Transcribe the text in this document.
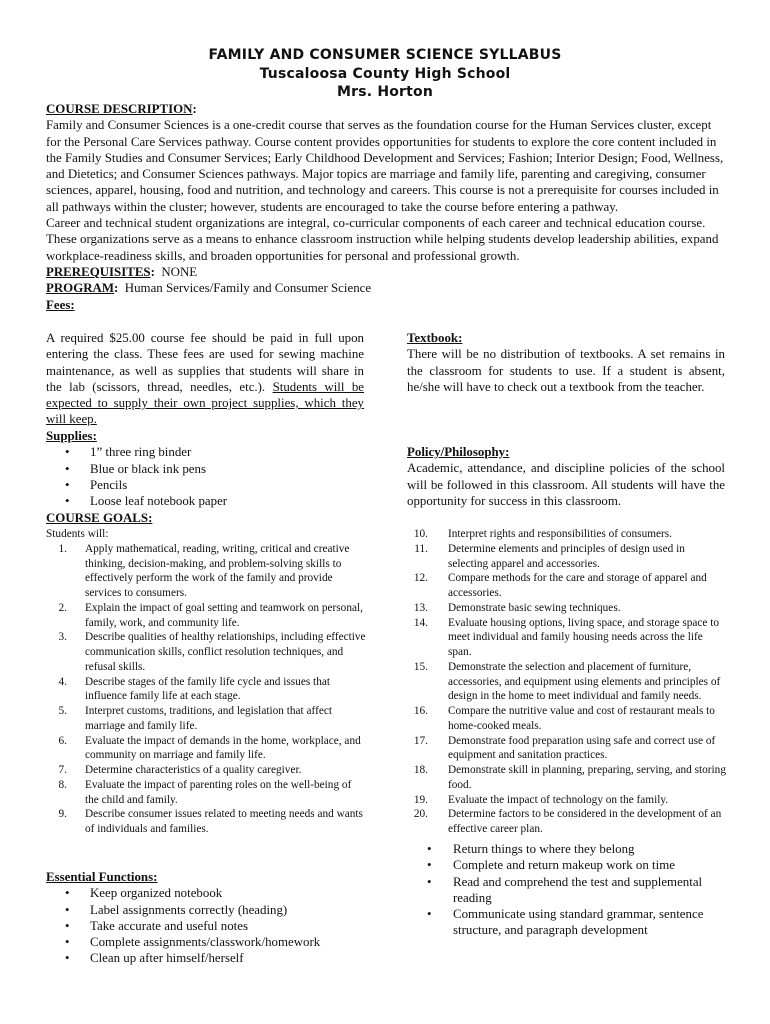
FAMILY AND CONSUMER SCIENCE SYLLABUS
Tuscaloosa County High School
Mrs. Horton

COURSE DESCRIPTION:

Family and Consumer Sciences is a one-credit course that serves as the foundation course for the Human Services cluster, except for the Personal Care Services pathway. Course content provides opportunities for students to explore the core content included in the Family Studies and Consumer Services; Early Childhood Development and Services; Fashion; Interior Design; Food, Wellness, and Dietetics; and Consumer Sciences pathways. Major topics are marriage and family life, parenting and caregiving, consumer sciences, apparel, housing, food and nutrition, and technology and careers. This course is not a prerequisite for courses included in all pathways within the cluster; however, students are encouraged to take the course before entering a pathway.

Career and technical student organizations are integral, co-curricular components of each career and technical education course. These organizations serve as a means to enhance classroom instruction while helping students develop leadership abilities, expand workplace-readiness skills, and broaden opportunities for personal and professional growth.

PREREQUISITES: NONE

PROGRAM: Human Services/Family and Consumer Science

Fees:

A required $25.00 course fee should be paid in full upon entering the class. These fees are used for sewing machine maintenance, as well as supplies that students will share in the lab (scissors, thread, needles, etc.). Students will be expected to supply their own project supplies, which they will keep.
Textbook:
There will be no distribution of textbooks. A set remains in the classroom for students to use. If a student is absent, he/she will have to check out a textbook from the teacher.
Supplies:
• 1” three ring binder
• Blue or black ink pens
• Pencils
• Loose leaf notebook paper
Policy/Philosophy:
Academic, attendance, and discipline policies of the school will be followed in this classroom. All students will have the opportunity for success in this classroom.
COURSE GOALS:
Students will:
1. Apply mathematical, reading, writing, critical and creative thinking, decision-making, and problem-solving skills to effectively perform the work of the family and provide services to consumers.
2. Explain the impact of goal setting and teamwork on personal, family, work, and community life.
3. Describe qualities of healthy relationships, including effective communication skills, conflict resolution techniques, and refusal skills.
4. Describe stages of the family life cycle and issues that influence family life at each stage.
5. Interpret customs, traditions, and legislation that affect marriage and family life.
6. Evaluate the impact of demands in the home, workplace, and community on marriage and family life.
7. Determine characteristics of a quality caregiver.
8. Evaluate the impact of parenting roles on the well-being of the child and family.
9. Describe consumer issues related to meeting needs and wants of individuals and families.
10. Interpret rights and responsibilities of consumers.
11. Determine elements and principles of design used in selecting apparel and accessories.
12. Compare methods for the care and storage of apparel and accessories.
13. Demonstrate basic sewing techniques.
14. Evaluate housing options, living space, and storage space to meet individual and family housing needs across the life span.
15. Demonstrate the selection and placement of furniture, accessories, and equipment using elements and principles of design in the home to meet individual and family needs.
16. Compare the nutritive value and cost of restaurant meals to home-cooked meals.
17. Demonstrate food preparation using safe and correct use of equipment and sanitation practices.
18. Demonstrate skill in planning, preparing, serving, and storing food.
19. Evaluate the impact of technology on the family.
20. Determine factors to be considered in the development of an effective career plan.
Essential Functions:
• Keep organized notebook
• Label assignments correctly (heading)
• Take accurate and useful notes
• Complete assignments/classwork/homework
• Clean up after himself/herself
• Return things to where they belong
• Complete and return makeup work on time
• Read and comprehend the test and supplemental reading
• Communicate using standard grammar, sentence structure, and paragraph development
